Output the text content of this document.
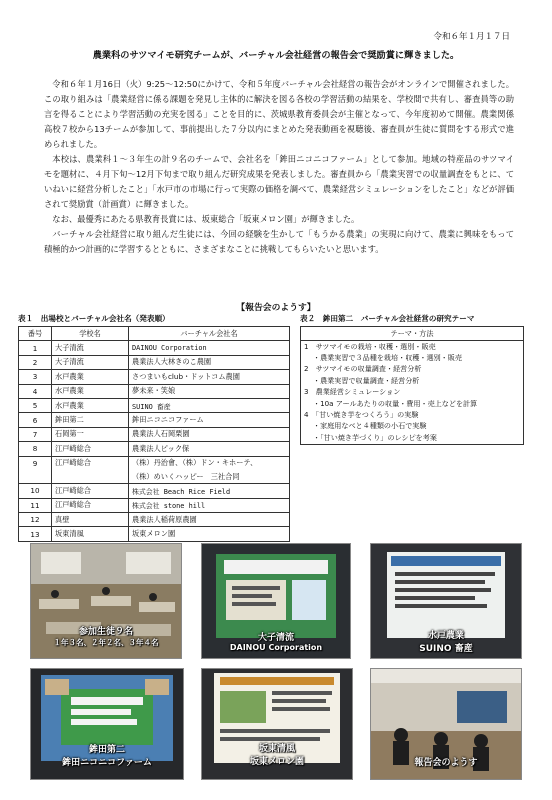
令和６年１月１７日
農業科のサツマイモ研究チームが、バーチャル会社経営の報告会で奨励賞に輝きました。

令和６年１月16日（火）9:25～12:50にかけて、令和５年度バーチャル会社経営の報告会がオンラインで開催されました。この取り組みは「農業経営に係る課題を発見し主体的に解決を図る各校の学習活動の結果を、学校間で共有し、審査員等の助言を得ることにより学習活動の充実を図る」ことを目的に、茨城県教育委員会が主催となって、今年度初めて開催。農業関係高校７校から13チームが参加して、事前提出した７分以内にまとめた発表動画を視聴後、審査員が生徒に質問をする形式で進められました。

本校は、農業科１～３年生の計９名のチームで、会社名を「鉾田ニコニコファーム」として参加。地域の特産品のサツマイモを題材に、４月下旬～12月下旬まで取り組んだ研究成果を発表しました。審査員から「農業実習での収量調査をもとに、ていねいに経営分析したこと」「水戸市の市場に行って実際の価格を調べて、農業経営シミュレーションをしたこと」などが評価されて奨励賞（計画賞）に輝きました。

なお、最優秀にあたる県教育長賞には、坂東総合「坂東メロン園」が輝きました。

バーチャル会社経営に取り組んだ生徒には、今回の経験を生かして「もうかる農業」の実現に向けて、農業に興味をもって積極的かつ計画的に学習するとともに、さまざまなことに挑戦してもらいたいと思います。

【報告会のようす】
表１　出場校とバーチャル会社名（発表順）
番号	学校名	バーチャル会社名
1	大子清流	DAINOU Corporation
2	大子清流	農業法人大林きのこ農園
3	水戸農業	さつまいもclub・ドットコム農園
4	水戸農業	夢未来・笑娘
5	水戸農業	SUINO 畜産
6	鉾田第二	鉾田ニコニコファーム
7	石岡第一	農業法人石岡栗園
8	江戸崎総合	農業法人ピック保
9	江戸崎総合	（株）丹治會、（株）ドン・キホーテ、
		（株）めいくハッピー　三社合同
10	江戸崎総合	株式会社 Beach Rice Field
11	江戸崎総合	株式会社 stone hill
12	真壁	農業法人稲荷原農園
13	坂東清風	坂東メロン園
表２　鉾田第二　バーチャル会社経営の研究テーマ
テーマ・方法
1　サツマイモの栽培・収穫・選別・販売
・農業実習で３品種を栽培・収穫・選別・販売
2　サツマイモの収量調査・経営分析
・農業実習で収量調査・経営分析
3　農業経営シミュレーション
・10a アールあたりの収量・費用・売上などを計算
4　「甘い焼き芋をつくろう」の実験
・家庭用なべと４種類の小石で実験
・「甘い焼き芋づくり」のレシピを考案
参加生徒９名
１年３名、２年２名、３年４名	大子清流
DAINOU Corporation
水戸農業
SUINO 畜産
鉾田第二
鉾田ニコニコファーム
坂東清風
坂東メロン園	報告会のようす
